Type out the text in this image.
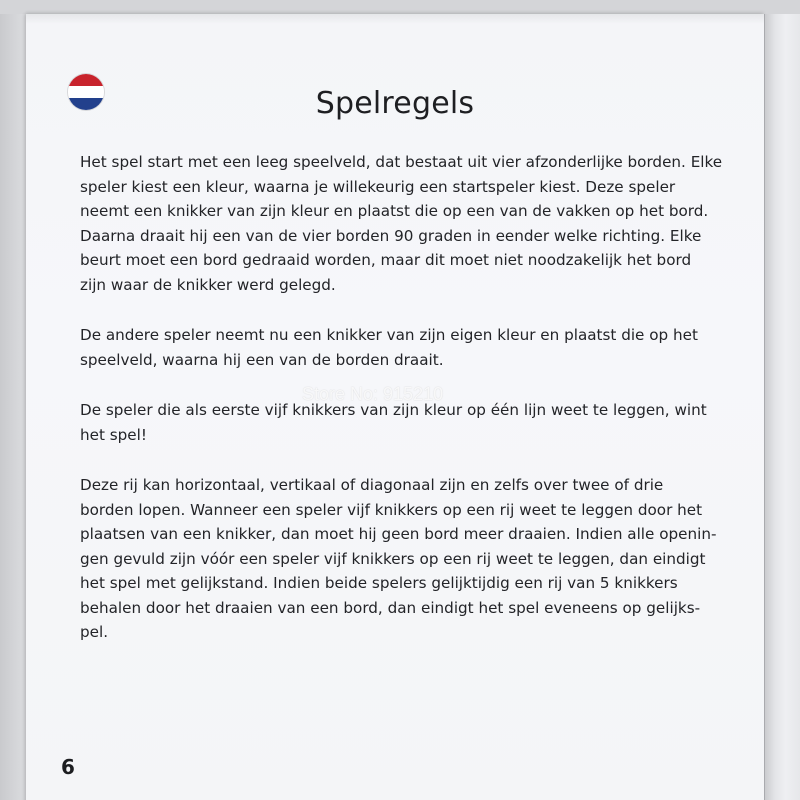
Spelregels

Het spel start met een leeg speelveld, dat bestaat uit vier afzonderlijke borden. Elke
speler kiest een kleur, waarna je willekeurig een startspeler kiest. Deze speler
neemt een knikker van zijn kleur en plaatst die op een van de vakken op het bord.
Daarna draait hij een van de vier borden 90 graden in eender welke richting. Elke
beurt moet een bord gedraaid worden, maar dit moet niet noodzakelijk het bord
zijn waar de knikker werd gelegd.

De andere speler neemt nu een knikker van zijn eigen kleur en plaatst die op het
speelveld, waarna hij een van de borden draait.

De speler die als eerste vijf knikkers van zijn kleur op één lijn weet te leggen, wint
het spel!

Deze rij kan horizontaal, vertikaal of diagonaal zijn en zelfs over twee of drie
borden lopen. Wanneer een speler vijf knikkers op een rij weet te leggen door het
plaatsen van een knikker, dan moet hij geen bord meer draaien. Indien alle openin-
gen gevuld zijn vóór een speler vijf knikkers op een rij weet te leggen, dan eindigt
het spel met gelijkstand. Indien beide spelers gelijktijdig een rij van 5 knikkers
behalen door het draaien van een bord, dan eindigt het spel eveneens op gelijks-
pel.

Store No: 915210
6
